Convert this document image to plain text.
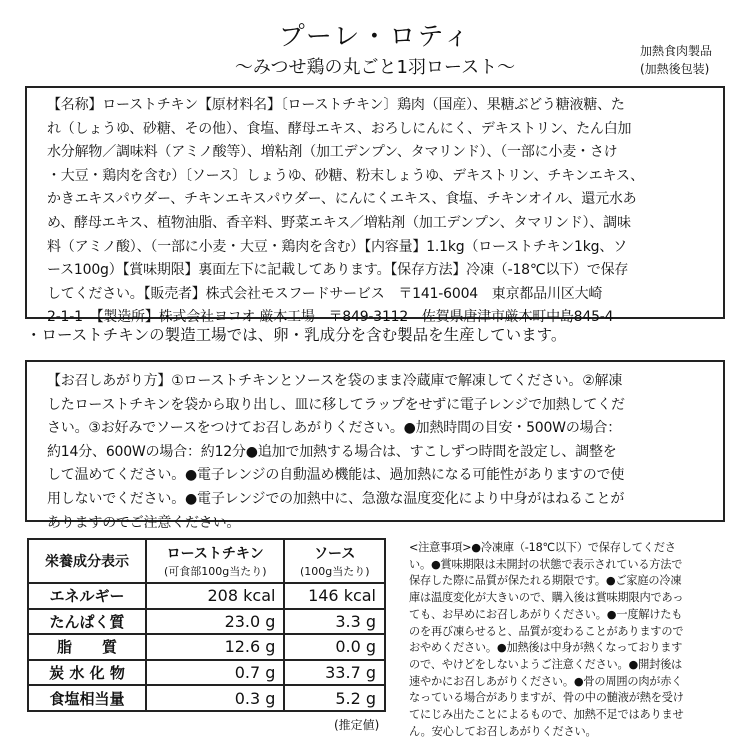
プーレ・ロティ
～みつせ鶏の丸ごと1羽ロースト～
加熱食肉製品
(加熱後包装)

【名称】ローストチキン【原材料名】〔ローストチキン〕鶏肉（国産）、果糖ぶどう糖液糖、た

れ（しょうゆ、砂糖、その他）、食塩、酵母エキス、おろしにんにく、デキストリン、たん白加

水分解物／調味料（アミノ酸等）、増粘剤（加工デンプン、タマリンド）、（一部に小麦・さけ

・大豆・鶏肉を含む）〔ソース〕しょうゆ、砂糖、粉末しょうゆ、デキストリン、チキンエキス、

かきエキスパウダー、チキンエキスパウダー、にんにくエキス、食塩、チキンオイル、還元水あ

め、酵母エキス、植物油脂、香辛料、野菜エキス／増粘剤（加工デンプン、タマリンド）、調味

料（アミノ酸）、（一部に小麦・大豆・鶏肉を含む）【内容量】1.1kg（ローストチキン1kg、ソ

ース100g）【賞味期限】裏面左下に記載してあります。【保存方法】冷凍（-18℃以下）で保存

してください。【販売者】株式会社モスフードサービス　〒141-6004　東京都品川区大崎

2-1-1　【製造所】株式会社ヨコオ 厳木工場　〒849-3112　佐賀県唐津市厳木町中島845-4

・ローストチキンの製造工場では、卵・乳成分を含む製品を生産しています。

【お召しあがり方】①ローストチキンとソースを袋のまま冷蔵庫で解凍してください。②解凍

したローストチキンを袋から取り出し、皿に移してラップをせずに電子レンジで加熱してくだ

さい。③お好みでソースをつけてお召しあがりください。●加熱時間の目安・500Wの場合：

約14分、600Wの場合：約12分●追加で加熱する場合は、すこしずつ時間を設定し、調整を

して温めてください。●電子レンジの自動温め機能は、過加熱になる可能性がありますので使

用しないでください。●電子レンジでの加熱中に、急激な温度変化により中身がはねることが

ありますのでご注意ください。

栄養成分表示	ローストチキン
(可食部100g当たり)	ソース
(100g当たり)

エネルギー	208 kcal	146 kcal
たんぱく質	23.0 g	3.3 g
脂　　質	12.6 g	0.0 g
炭 水 化 物	0.7 g	33.7 g
食塩相当量	0.3 g	5.2 g
(推定値)
<注意事項>●冷凍庫（-18℃以下）で保存してくださ
い。●賞味期限は未開封の状態で表示されている方法で
保存した際に品質が保たれる期限です。●ご家庭の冷凍
庫は温度変化が大きいので、購入後は賞味期限内であっ
ても、お早めにお召しあがりください。●一度解けたも
のを再び凍らせると、品質が変わることがありますので
おやめください。●加熱後は中身が熱くなっております
ので、やけどをしないようご注意ください。●開封後は
速やかにお召しあがりください。●骨の周囲の肉が赤く
なっている場合がありますが、骨の中の髄液が熱を受け
てにじみ出たことによるもので、加熱不足ではありませ
ん。安心してお召しあがりください。
